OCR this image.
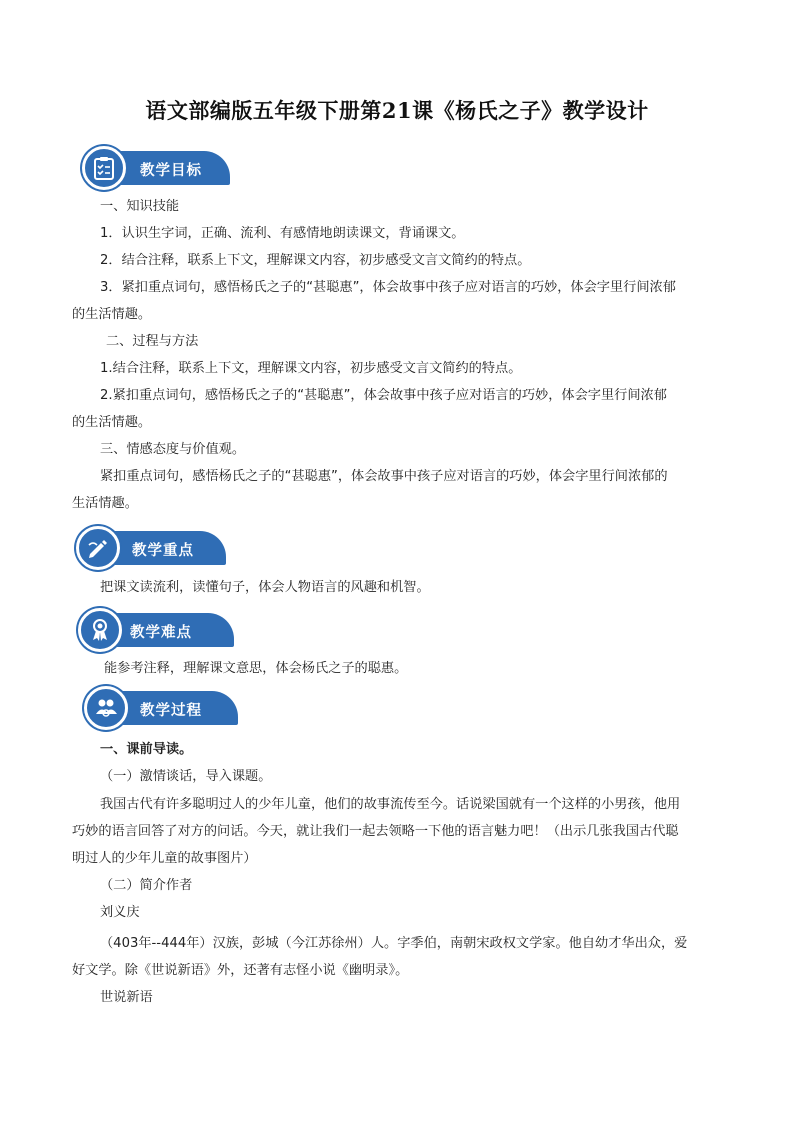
语文部编版五年级下册第21课《杨氏之子》教学设计
教学目标
一、知识技能
1．认识生字词，正确、流利、有感情地朗读课文，背诵课文。
2．结合注释，联系上下文，理解课文内容，初步感受文言文简约的特点。
3．紧扣重点词句，感悟杨氏之子的“甚聪惠”，体会故事中孩子应对语言的巧妙，体会字里行间浓郁
的生活情趣。
二、过程与方法
1.结合注释，联系上下文，理解课文内容，初步感受文言文简约的特点。
2.紧扣重点词句，感悟杨氏之子的“甚聪惠”，体会故事中孩子应对语言的巧妙，体会字里行间浓郁
的生活情趣。
三、情感态度与价值观。
紧扣重点词句，感悟杨氏之子的“甚聪惠”，体会故事中孩子应对语言的巧妙，体会字里行间浓郁的
生活情趣。
教学重点
把课文读流利，读懂句子，体会人物语言的风趣和机智。
教学难点
能参考注释，理解课文意思，体会杨氏之子的聪惠。
教学过程
一、课前导读。
（一）激情谈话，导入课题。
我国古代有许多聪明过人的少年儿童，他们的故事流传至今。话说梁国就有一个这样的小男孩，他用
巧妙的语言回答了对方的问话。今天，就让我们一起去领略一下他的语言魅力吧！（出示几张我国古代聪
明过人的少年儿童的故事图片）
（二）简介作者
刘义庆
（403年--444年）汉族，彭城（今江苏徐州）人。字季伯，南朝宋政权文学家。他自幼才华出众，爱
好文学。除《世说新语》外，还著有志怪小说《幽明录》。
世说新语
